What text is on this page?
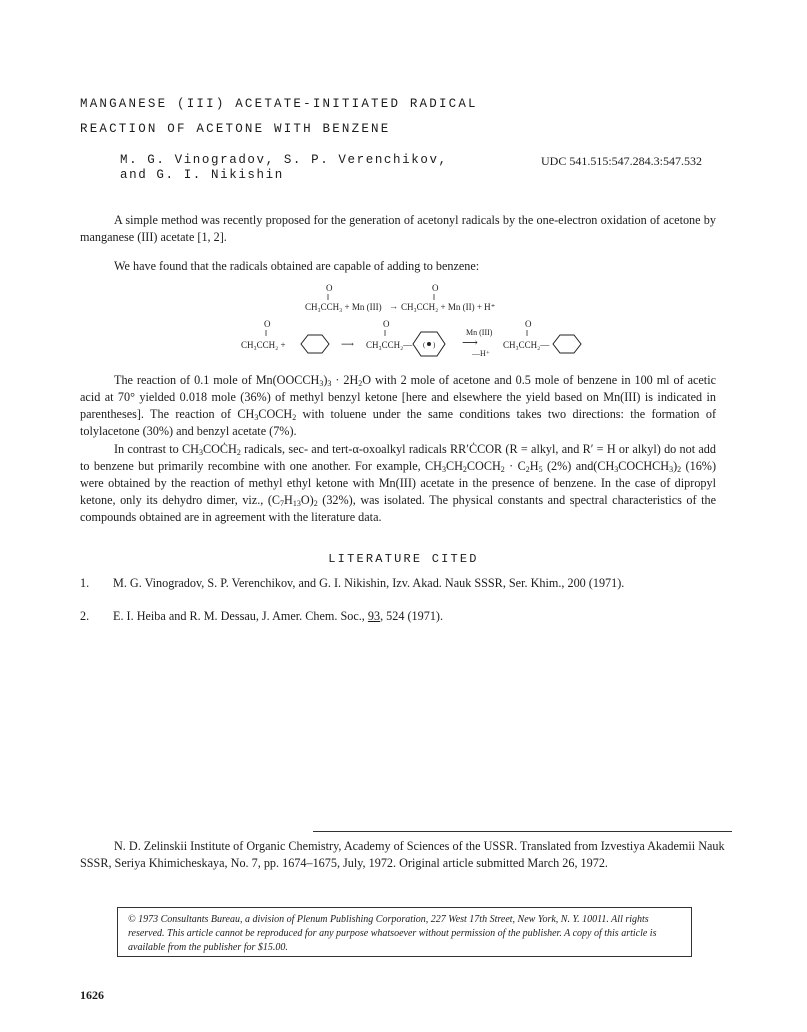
MANGANESE (III) ACETATE-INITIATED RADICAL
REACTION OF ACETONE WITH BENZENE
M. G. Vinogradov, S. P. Verenchikov,
and G. I. Nikishin
UDC 541.515:547.284.3:547.532
A simple method was recently proposed for the generation of acetonyl radicals by the one-electron oxidation of acetone by manganese (III) acetate [1, 2].
We have found that the radicals obtained are capable of adding to benzene:
O
‖
CH₃CCH₃ + Mn (III) →
O
‖
CH₃CCH₂ + Mn (II) + H⁺
O
‖
CH₃CCH₂ +	⟶
O
‖
CH₃CCH₂— ( )
Mn (III)
⟶
—H⁺
O
‖
CH₃CCH₂—
The reaction of 0.1 mole of $Mn(OOCCH_3)_3 \cdot 2H_2O$ with 2 mole of acetone and 0.5 mole of benzene in 100 ml of acetic acid at 70° yielded 0.018 mole (36%) of methyl benzyl ketone [here and elsewhere the yield based on Mn(III) is indicated in parentheses]. The reaction of $CH_3COCH_2$ with toluene under the same conditions takes two directions: the formation of tolylacetone (30%) and benzyl acetate (7%).
In contrast to $CH_3COĊH_2$ radicals, sec- and tert-α-oxoalkyl radicals RR′ĊCOR (R = alkyl, and R′ = H or alkyl) do not add to benzene but primarily recombine with one another. For example, $CH_3CH_2COCH_2 \cdot C_2H_5$ (2%) $and(CH_3COCHCH_3)_2$ (16%) were obtained by the reaction of methyl ethyl ketone with Mn(III) acetate in the presence of benzene. In the case of dipropyl ketone, only its dehydro dimer, viz., $(C_7H_{13}O)_2$ (32%), was isolated. The physical constants and spectral characteristics of the compounds obtained are in agreement with the literature data.
LITERATURE CITED
1. M. G. Vinogradov, S. P. Verenchikov, and G. I. Nikishin, Izv. Akad. Nauk SSSR, Ser. Khim., 200 (1971).
2. E. I. Heiba and R. M. Dessau, J. Amer. Chem. Soc., 93, 524 (1971).
N. D. Zelinskii Institute of Organic Chemistry, Academy of Sciences of the USSR. Translated from Izvestiya Akademii Nauk SSSR, Seriya Khimicheskaya, No. 7, pp. 1674–1675, July, 1972. Original article submitted March 26, 1972.
© 1973 Consultants Bureau, a division of Plenum Publishing Corporation, 227 West 17th Street, New York, N. Y. 10011. All rights reserved. This article cannot be reproduced for any purpose whatsoever without permission of the publisher. A copy of this article is available from the publisher for $15.00.
1626
